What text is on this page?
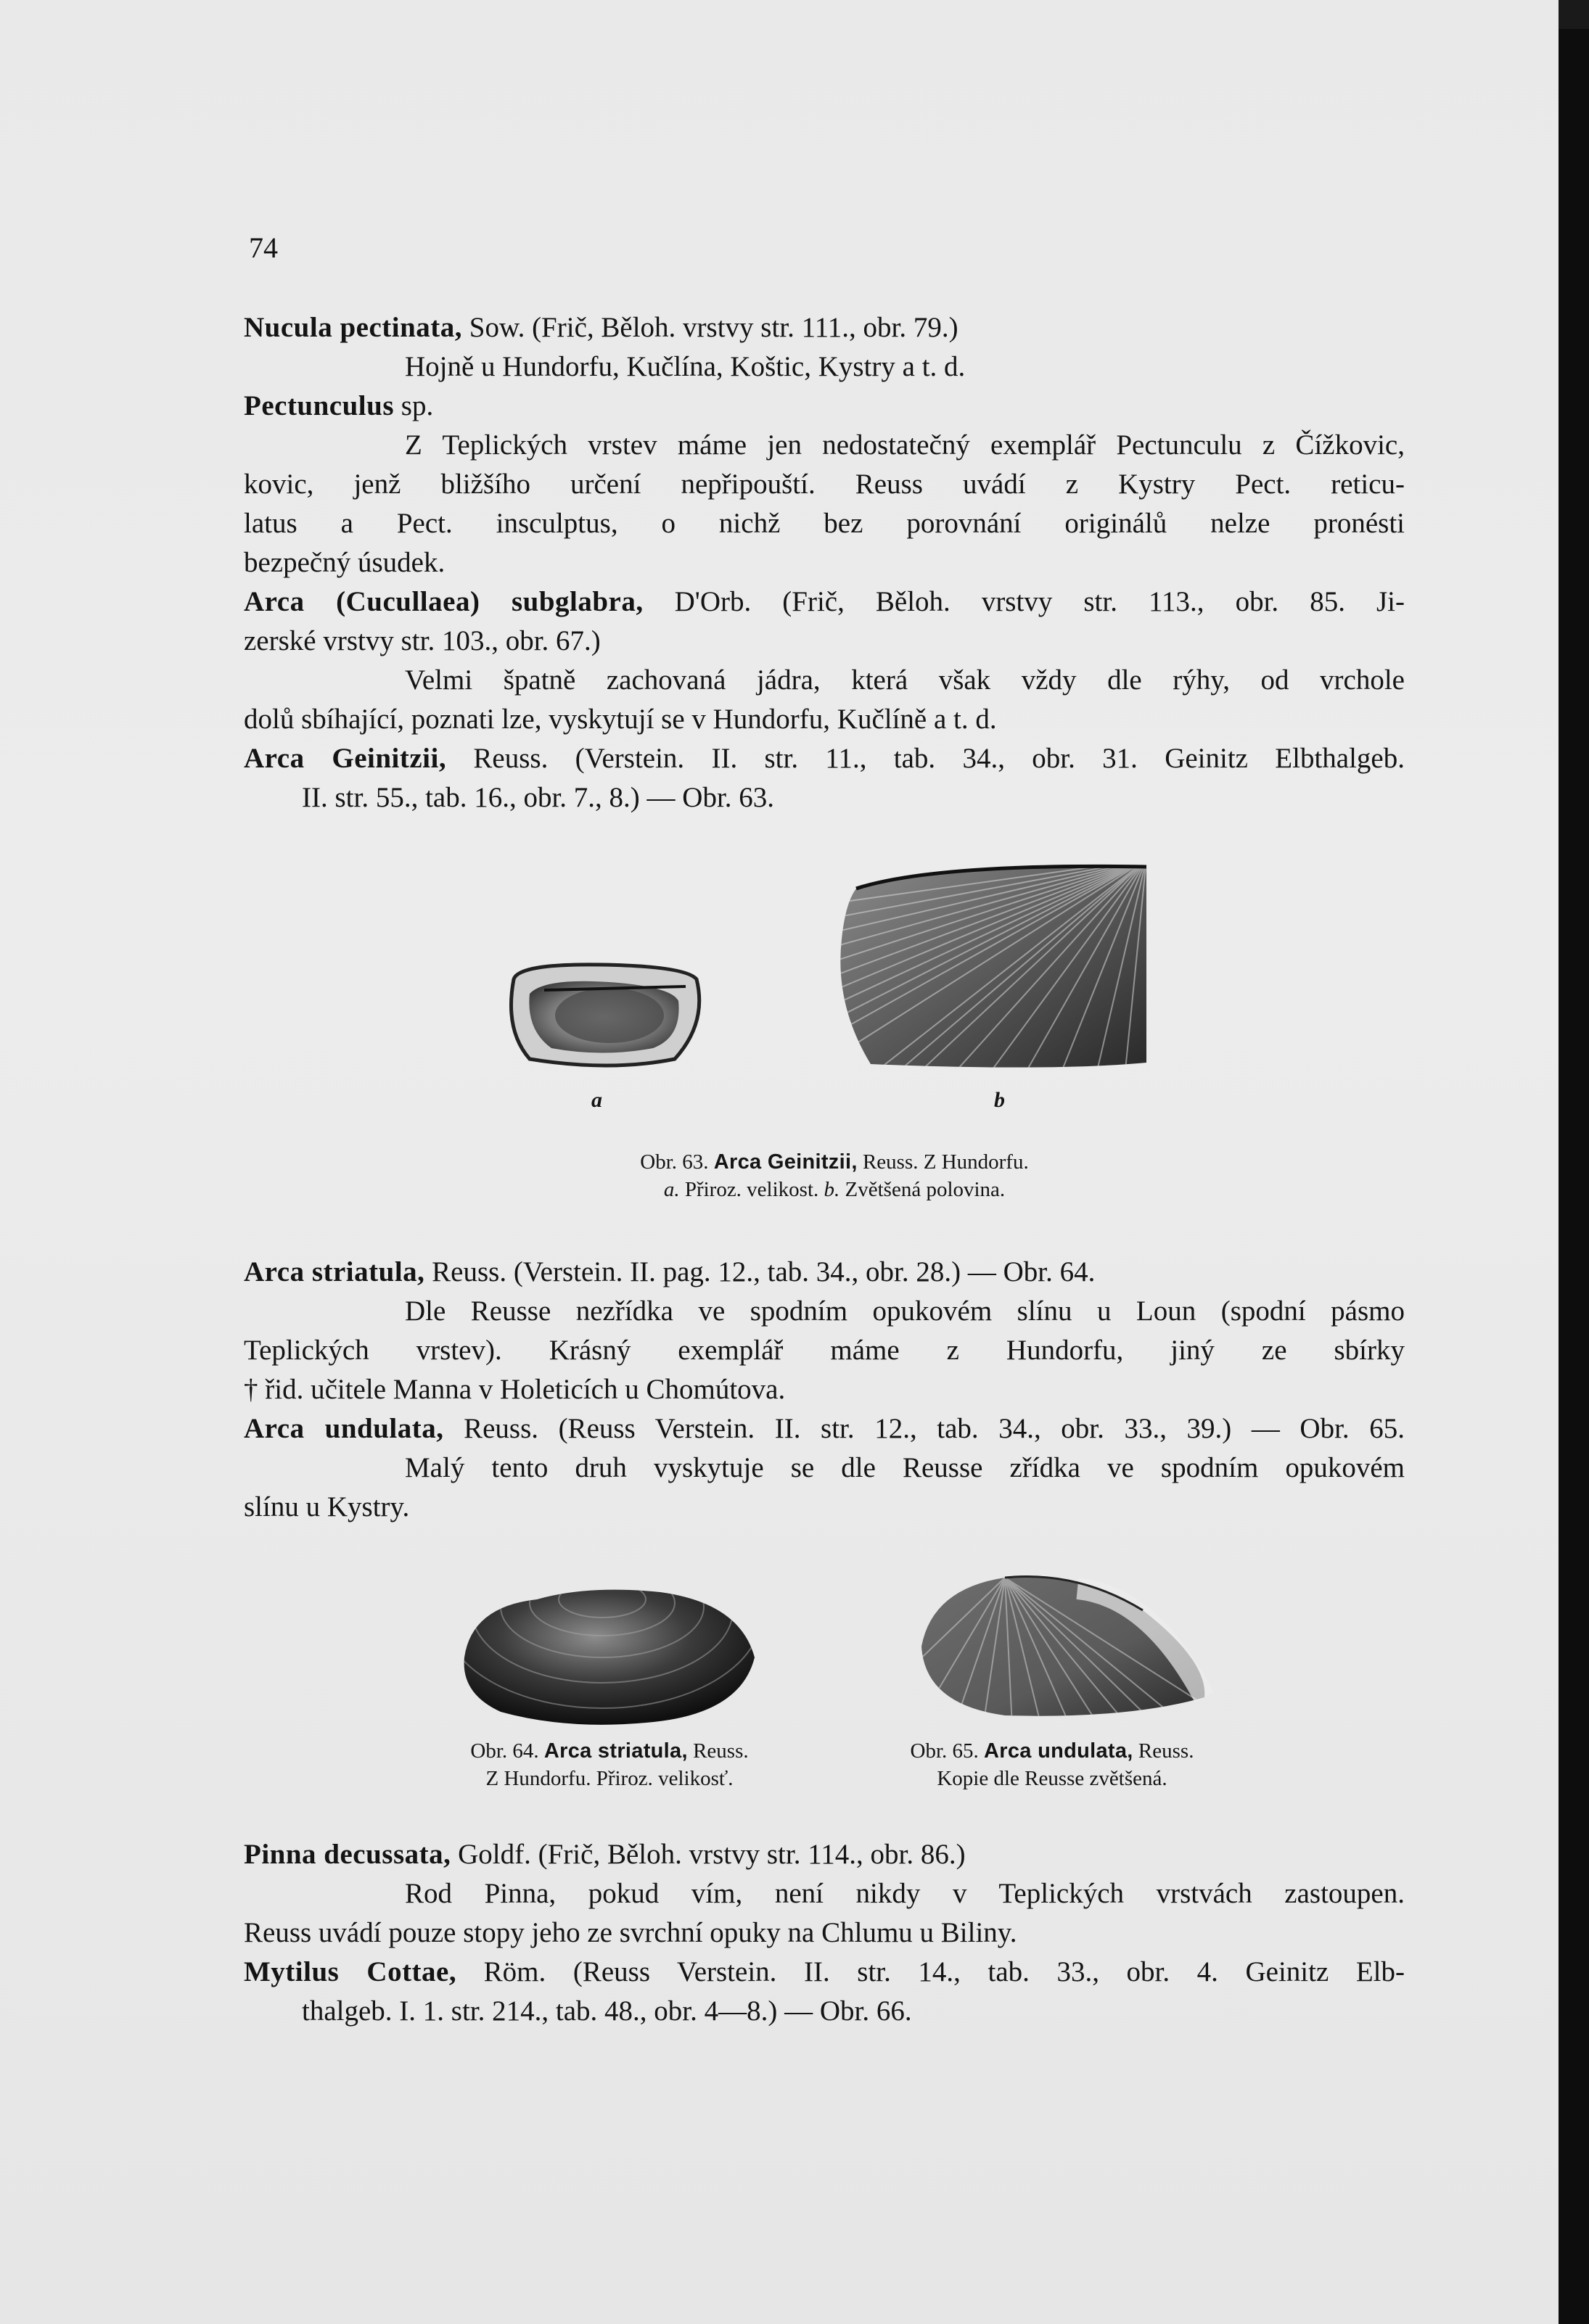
74
Nucula pectinata, Sow. (Frič, Běloh. vrstvy str. 111., obr. 79.)
Hojně u Hundorfu, Kučlína, Koštic, Kystry a t. d.
Pectunculus sp.
Z Teplických vrstev máme jen nedostatečný exemplář Pectunculu z Čížkovic,
kovic, jenž bližšího určení nepřipouští. Reuss uvádí z Kystry Pect. reticu-
latus a Pect. insculptus, o nichž bez porovnání originálů nelze pronésti
bezpečný úsudek.
Arca (Cucullaea) subglabra, D'Orb. (Frič, Běloh. vrstvy str. 113., obr. 85. Ji-
zerské vrstvy str. 103., obr. 67.)
Velmi špatně zachovaná jádra, která však vždy dle rýhy, od vrchole
dolů sbíhající, poznati lze, vyskytují se v Hundorfu, Kučlíně a t. d.
Arca Geinitzii, Reuss. (Verstein. II. str. 11., tab. 34., obr. 31. Geinitz Elbthalgeb.
II. str. 55., tab. 16., obr. 7., 8.) — Obr. 63.
a	b
Obr. 63. Arca Geinitzii, Reuss. Z Hundorfu.
a. Přiroz. velikost. b. Zvětšená polovina.
Arca striatula, Reuss. (Verstein. II. pag. 12., tab. 34., obr. 28.) — Obr. 64.
Dle Reusse nezřídka ve spodním opukovém slínu u Loun (spodní pásmo
Teplických vrstev). Krásný exemplář máme z Hundorfu, jiný ze sbírky
† řid. učitele Manna v Holeticích u Chomútova.
Arca undulata, Reuss. (Reuss Verstein. II. str. 12., tab. 34., obr. 33., 39.) — Obr. 65.
Malý tento druh vyskytuje se dle Reusse zřídka ve spodním opukovém
slínu u Kystry.
Obr. 64. Arca striatula, Reuss.
Z Hundorfu. Přiroz. velikosť.
Obr. 65. Arca undulata, Reuss.
Kopie dle Reusse zvětšená.
Pinna decussata, Goldf. (Frič, Běloh. vrstvy str. 114., obr. 86.)
Rod Pinna, pokud vím, není nikdy v Teplických vrstvách zastoupen.
Reuss uvádí pouze stopy jeho ze svrchní opuky na Chlumu u Biliny.
Mytilus Cottae, Röm. (Reuss Verstein. II. str. 14., tab. 33., obr. 4. Geinitz Elb-
thalgeb. I. 1. str. 214., tab. 48., obr. 4—8.) — Obr. 66.
